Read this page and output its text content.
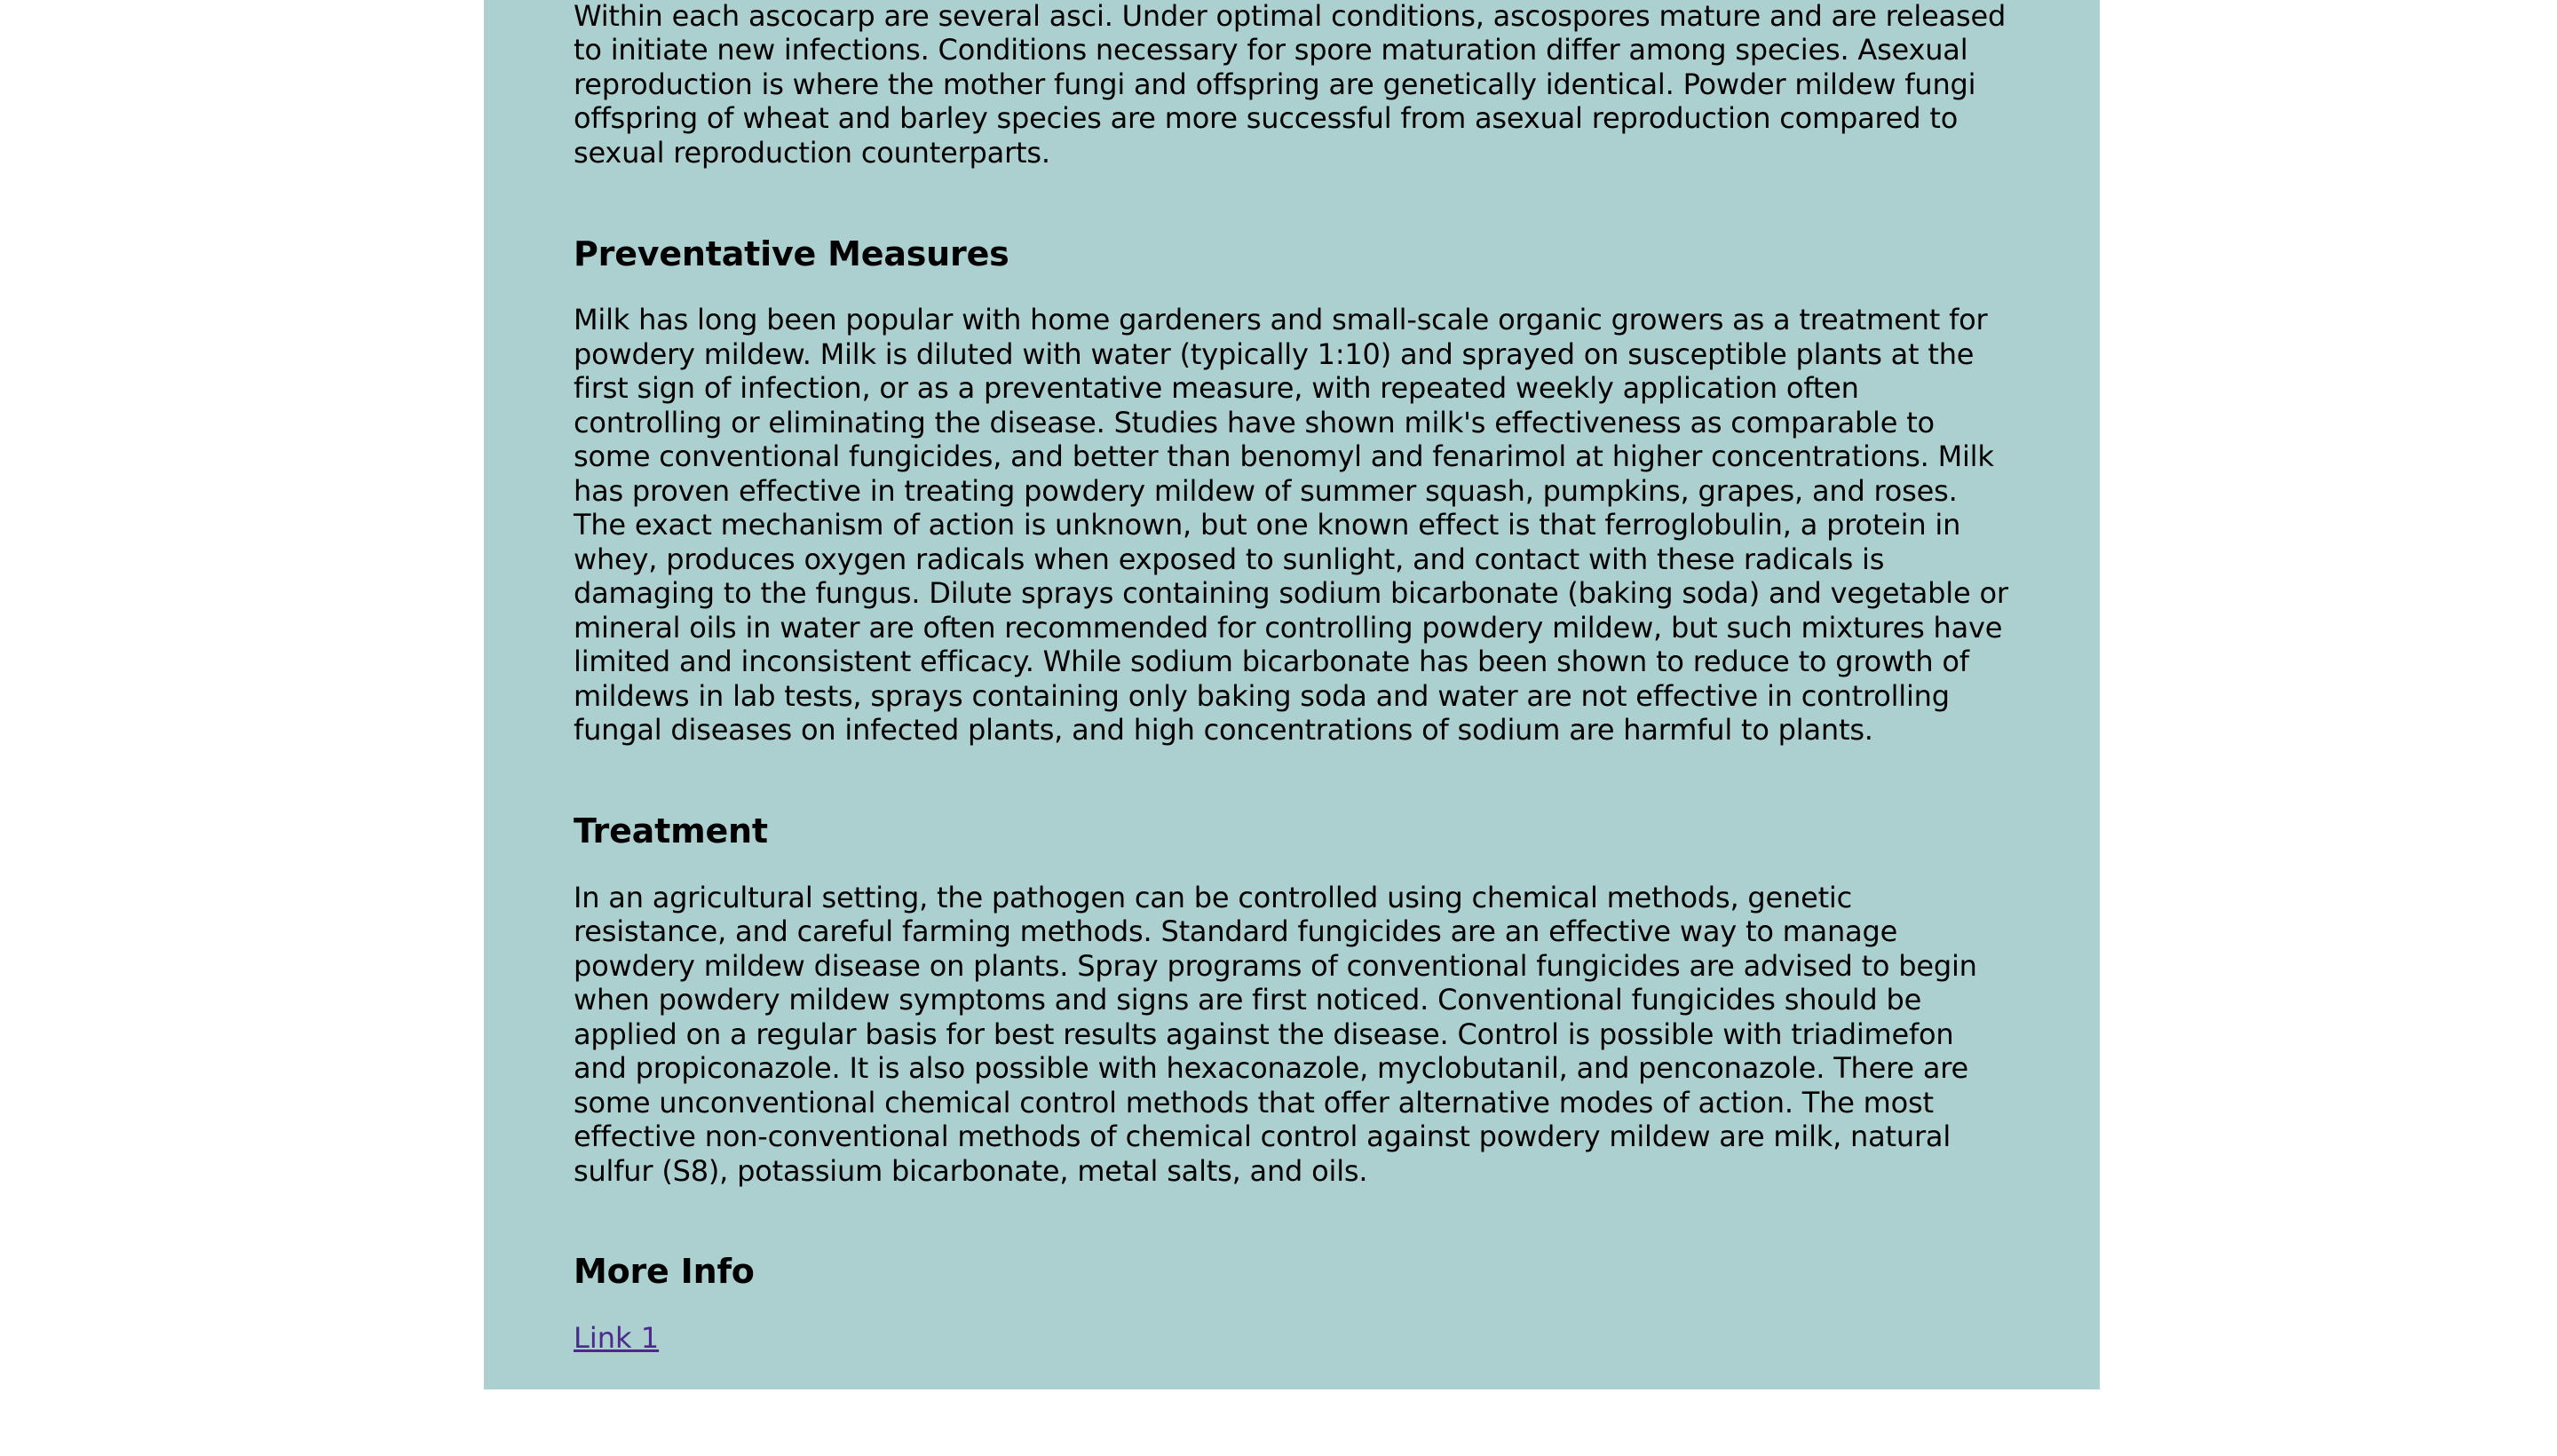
Within each ascocarp are several asci. Under optimal conditions, ascospores mature and are released to initiate new infections. Conditions necessary for spore maturation differ among species. Asexual reproduction is where the mother fungi and offspring are genetically identical. Powder mildew fungi offspring of wheat and barley species are more successful from asexual reproduction compared to sexual reproduction counterparts.

Preventative Measures

Milk has long been popular with home gardeners and small-scale organic growers as a treatment for powdery mildew. Milk is diluted with water (typically 1:10) and sprayed on susceptible plants at the first sign of infection, or as a preventative measure, with repeated weekly application often controlling or eliminating the disease. Studies have shown milk's effectiveness as comparable to some conventional fungicides, and better than benomyl and fenarimol at higher concentrations. Milk has proven effective in treating powdery mildew of summer squash, pumpkins, grapes, and roses. The exact mechanism of action is unknown, but one known effect is that ferroglobulin, a protein in whey, produces oxygen radicals when exposed to sunlight, and contact with these radicals is damaging to the fungus. Dilute sprays containing sodium bicarbonate (baking soda) and vegetable or mineral oils in water are often recommended for controlling powdery mildew, but such mixtures have limited and inconsistent efficacy. While sodium bicarbonate has been shown to reduce to growth of mildews in lab tests, sprays containing only baking soda and water are not effective in controlling fungal diseases on infected plants, and high concentrations of sodium are harmful to plants.

Treatment

In an agricultural setting, the pathogen can be controlled using chemical methods, genetic resistance, and careful farming methods. Standard fungicides are an effective way to manage powdery mildew disease on plants. Spray programs of conventional fungicides are advised to begin when powdery mildew symptoms and signs are first noticed. Conventional fungicides should be applied on a regular basis for best results against the disease. Control is possible with triadimefon and propiconazole. It is also possible with hexaconazole, myclobutanil, and penconazole. There are some unconventional chemical control methods that offer alternative modes of action. The most effective non-conventional methods of chemical control against powdery mildew are milk, natural sulfur (S8), potassium bicarbonate, metal salts, and oils.

More Info
Link 1
